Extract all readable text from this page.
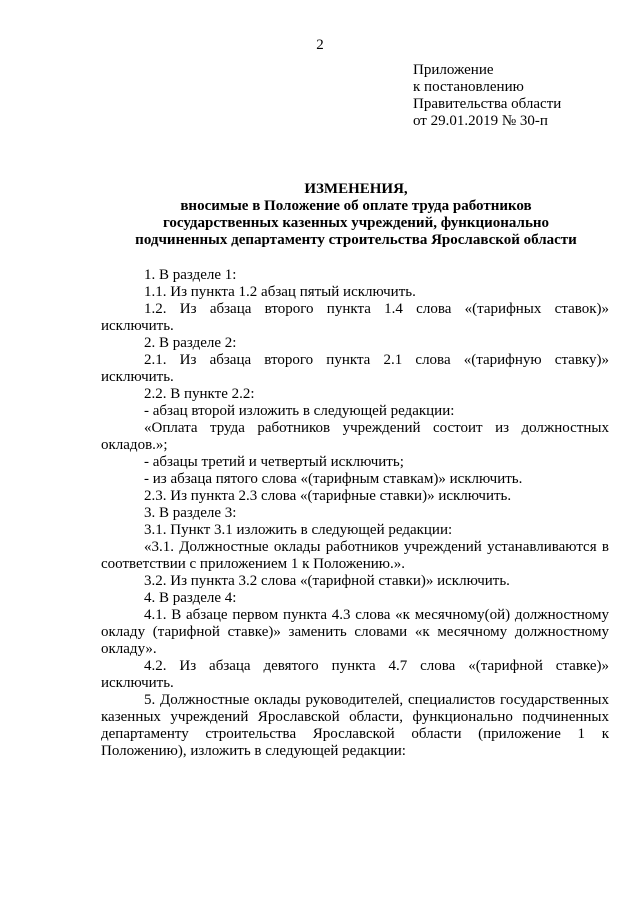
2
Приложение
к постановлению
Правительства области
от 29.01.2019 № 30-п
ИЗМЕНЕНИЯ,
вносимые в Положение об оплате труда работников
государственных казенных учреждений, функционально
подчиненных департаменту строительства Ярославской области

1. В разделе 1:

1.1. Из пункта 1.2 абзац пятый исключить.

1.2. Из абзаца второго пункта 1.4 слова «(тарифных ставок)» исключить.

2. В разделе 2:

2.1. Из абзаца второго пункта 2.1 слова «(тарифную ставку)» исключить.

2.2. В пункте 2.2:

- абзац второй изложить в следующей редакции:

«Оплата труда работников учреждений состоит из должностных окладов.»;

- абзацы третий и четвертый исключить;

- из абзаца пятого слова «(тарифным ставкам)» исключить.

2.3. Из пункта 2.3 слова «(тарифные ставки)» исключить.

3. В разделе 3:

3.1. Пункт 3.1 изложить в следующей редакции:

«3.1. Должностные оклады работников учреждений устанавливаются в соответствии с приложением 1 к Положению.».

3.2. Из пункта 3.2 слова «(тарифной ставки)» исключить.

4. В разделе 4:

4.1. В абзаце первом пункта 4.3 слова «к месячному(ой) должностному окладу (тарифной ставке)» заменить словами «к месячному должностному окладу».

4.2. Из абзаца девятого пункта 4.7 слова «(тарифной ставке)» исключить.

5. Должностные оклады руководителей, специалистов государственных казенных учреждений Ярославской области, функционально подчиненных департаменту строительства Ярославской области (приложение 1 к Положению), изложить в следующей редакции:
